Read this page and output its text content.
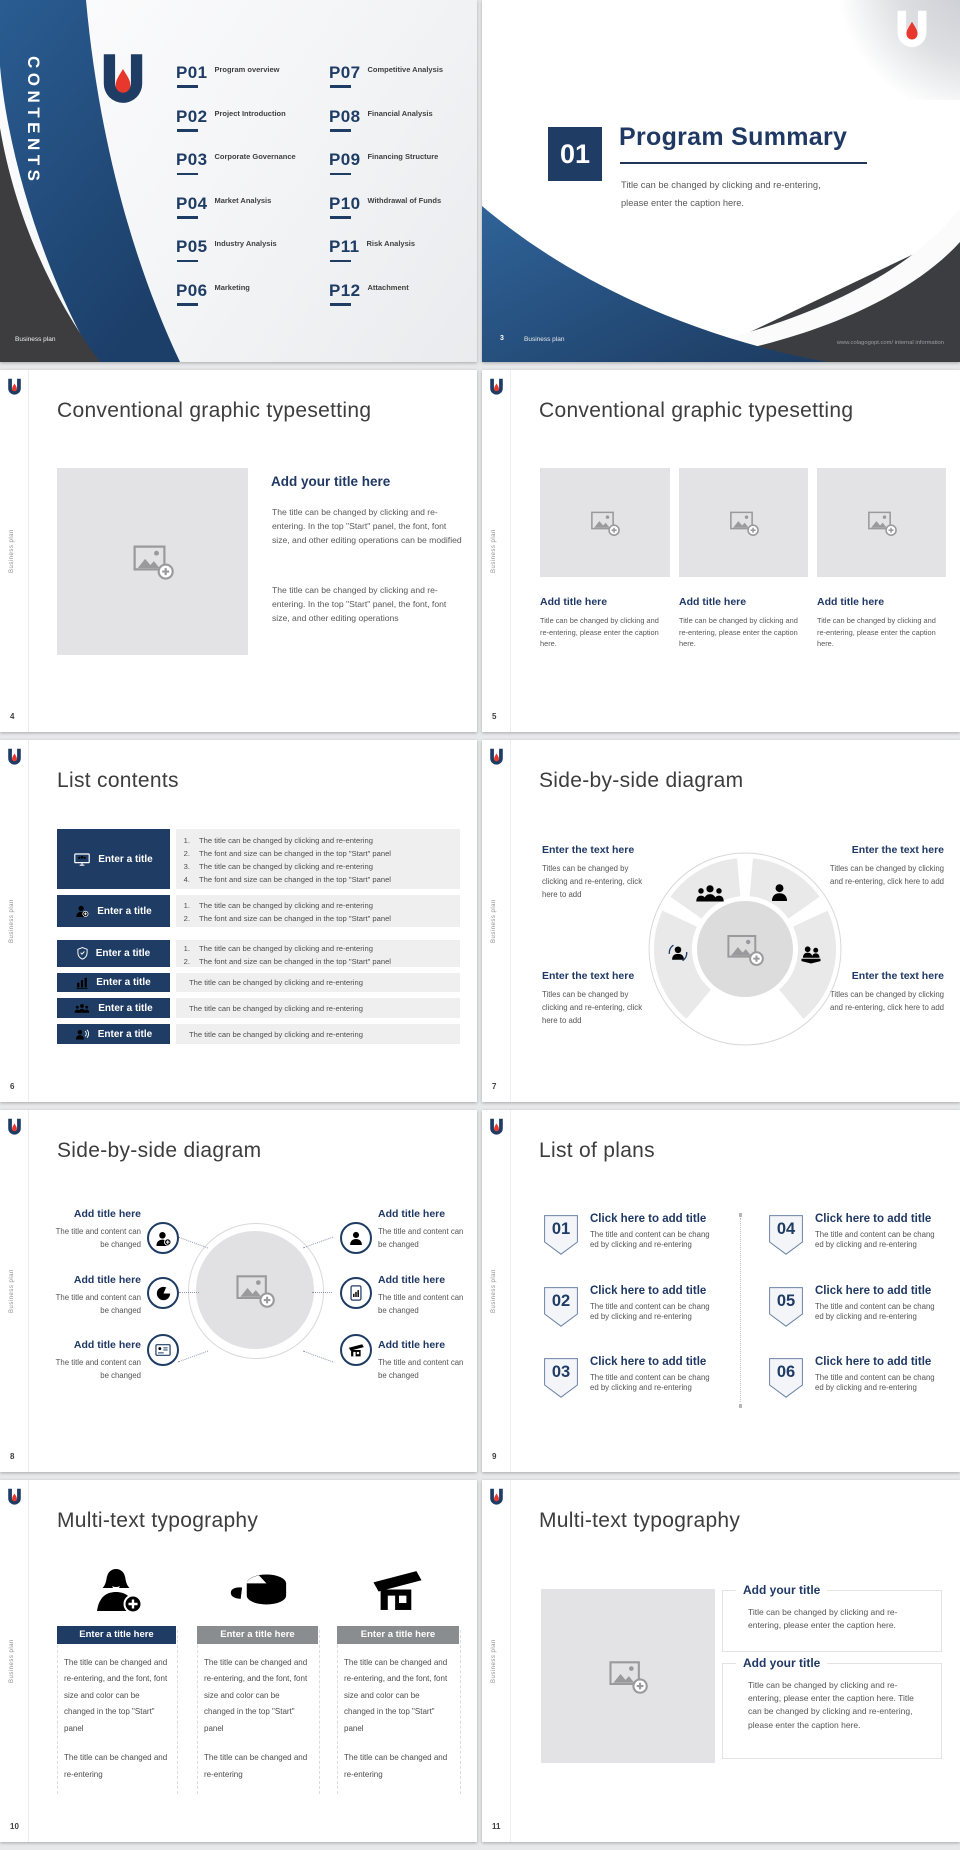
CONTENTS	P01 $^{Program overview}$
P02 $^{Project Introduction}$
P03 $^{Corporate Governance}$
P04 $^{Market Analysis}$
P05 $^{Industry Analysis}$
P06 $^{Marketing}$
P07 $^{Competitive Analysis}$
P08 $^{Financial Analysis}$
P09 $^{Financing Structure}$
P10 $^{Withdrawal of Funds}$
P11 $^{Risk Analysis}$
P12 $^{Attachment}$
Business plan
01
Program Summary
Title can be changed by clicking and re-entering, please enter the caption here.
3	Business plan	www.colagogopt.com/ internal information
Business plan
4
Conventional graphic typesetting
Add your title here
The title can be changed by clicking and re-entering. In the top "Start" panel, the font, font size, and other editing operations can be modified
The title can be changed by clicking and re-entering. In the top "Start" panel, the font, font size, and other editing operations
Business plan
5
Conventional graphic typesetting
Add title here	Add title here	Add title here
Title can be changed by clicking and re-entering, please enter the caption here.
Title can be changed by clicking and re-entering, please enter the caption here.
Title can be changed by clicking and re-entering, please enter the caption here.
Business plan
6
List contents
Enter a title
1. The title can be changed by clicking and re-entering
2. The font and size can be changed in the top "Start" panel
3. The title can be changed by clicking and re-entering
4. The font and size can be changed in the top "Start" panel
Enter a title
1. The title can be changed by clicking and re-entering
2. The font and size can be changed in the top "Start" panel
Enter a title	1. The title can be changed by clicking and re-entering
2. The font and size can be changed in the top "Start" panel
Enter a title	The title can be changed by clicking and re-entering
Enter a title	The title can be changed by clicking and re-entering
Enter a title	The title can be changed by clicking and re-entering
Business plan
7
Side-by-side diagram
Enter the text here

Titles can be changed by clicking and re-entering, click here to add

Enter the text here

Titles can be changed by clicking and re-entering, click here to add

Enter the text here

Titles can be changed by clicking and re-entering, click here to add

Enter the text here

Titles can be changed by clicking and re-entering, click here to add

Business plan
8
Side-by-side diagram
Add title here

The title and content can be changed

Add title here

The title and content can be changed

Add title here

The title and content can be changed

Add title here

The title and content can be changed

Add title here

The title and content can be changed

Add title here

The title and content can be changed

Business plan
9
List of plans
01
Click here to add title
The title and content can be chang
ed by clicking and re-entering
02
Click here to add title
The title and content can be chang
ed by clicking and re-entering
03
Click here to add title
The title and content can be chang
ed by clicking and re-entering
04
Click here to add title
The title and content can be chang
ed by clicking and re-entering
05
Click here to add title
The title and content can be chang
ed by clicking and re-entering
06
Click here to add title
The title and content can be chang
ed by clicking and re-entering
Business plan
10
Multi-text typography
Enter a title here

The title can be changed and re-entering, and the font, font size and color can be changed in the top "Start" panel

The title can be changed and re-entering

Enter a title here

The title can be changed and re-entering, and the font, font size and color can be changed in the top "Start" panel

The title can be changed and re-entering

Enter a title here

The title can be changed and re-entering, and the font, font size and color can be changed in the top "Start" panel

The title can be changed and re-entering

Business plan
11
Multi-text typography
Add your title

Title can be changed by clicking and re-entering, please enter the caption here.

Add your title

Title can be changed by clicking and re-entering, please enter the caption here. Title can be changed by clicking and re-entering, please enter the caption here.
